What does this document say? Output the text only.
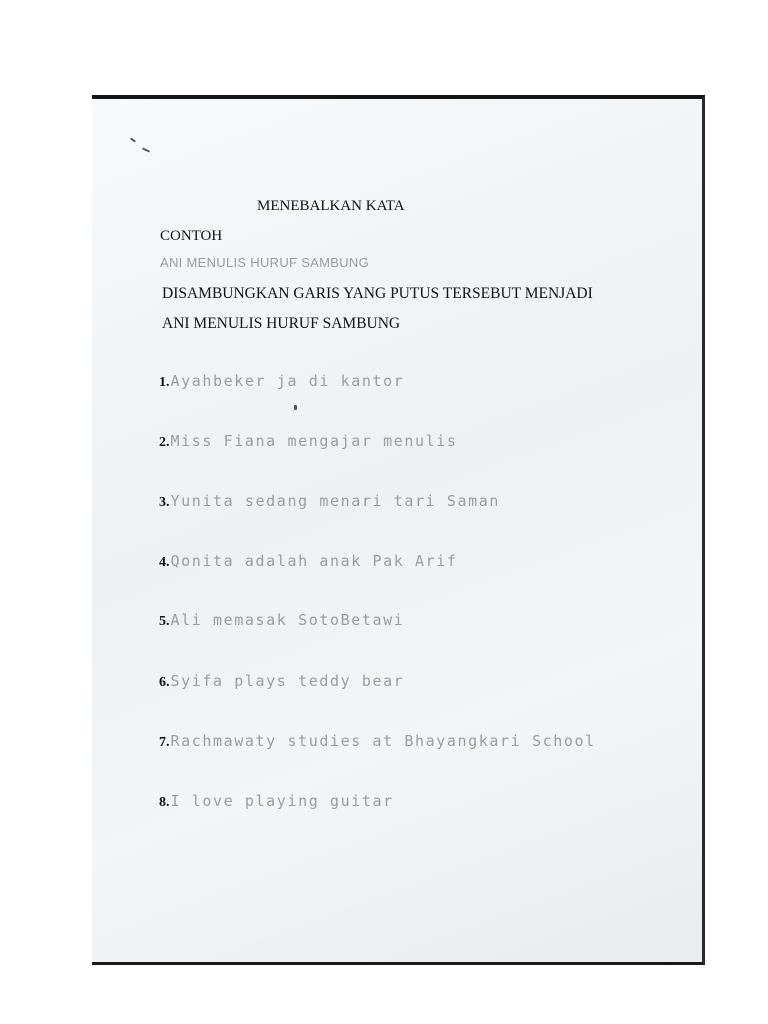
MENEBALKAN KATA
CONTOH
ANI MENULIS HURUF SAMBUNG
DISAMBUNGKAN GARIS YANG PUTUS TERSEBUT MENJADI
ANI MENULIS HURUF SAMBUNG
1. Ayahbeker ja di kantor
2. Miss Fiana mengajar menulis
3. Yunita sedang menari tari Saman
4. Qonita adalah anak Pak Arif
5. Ali memasak SotoBetawi
6. Syifa plays teddy bear
7. Rachmawaty studies at Bhayangkari School
8. I love playing guitar
